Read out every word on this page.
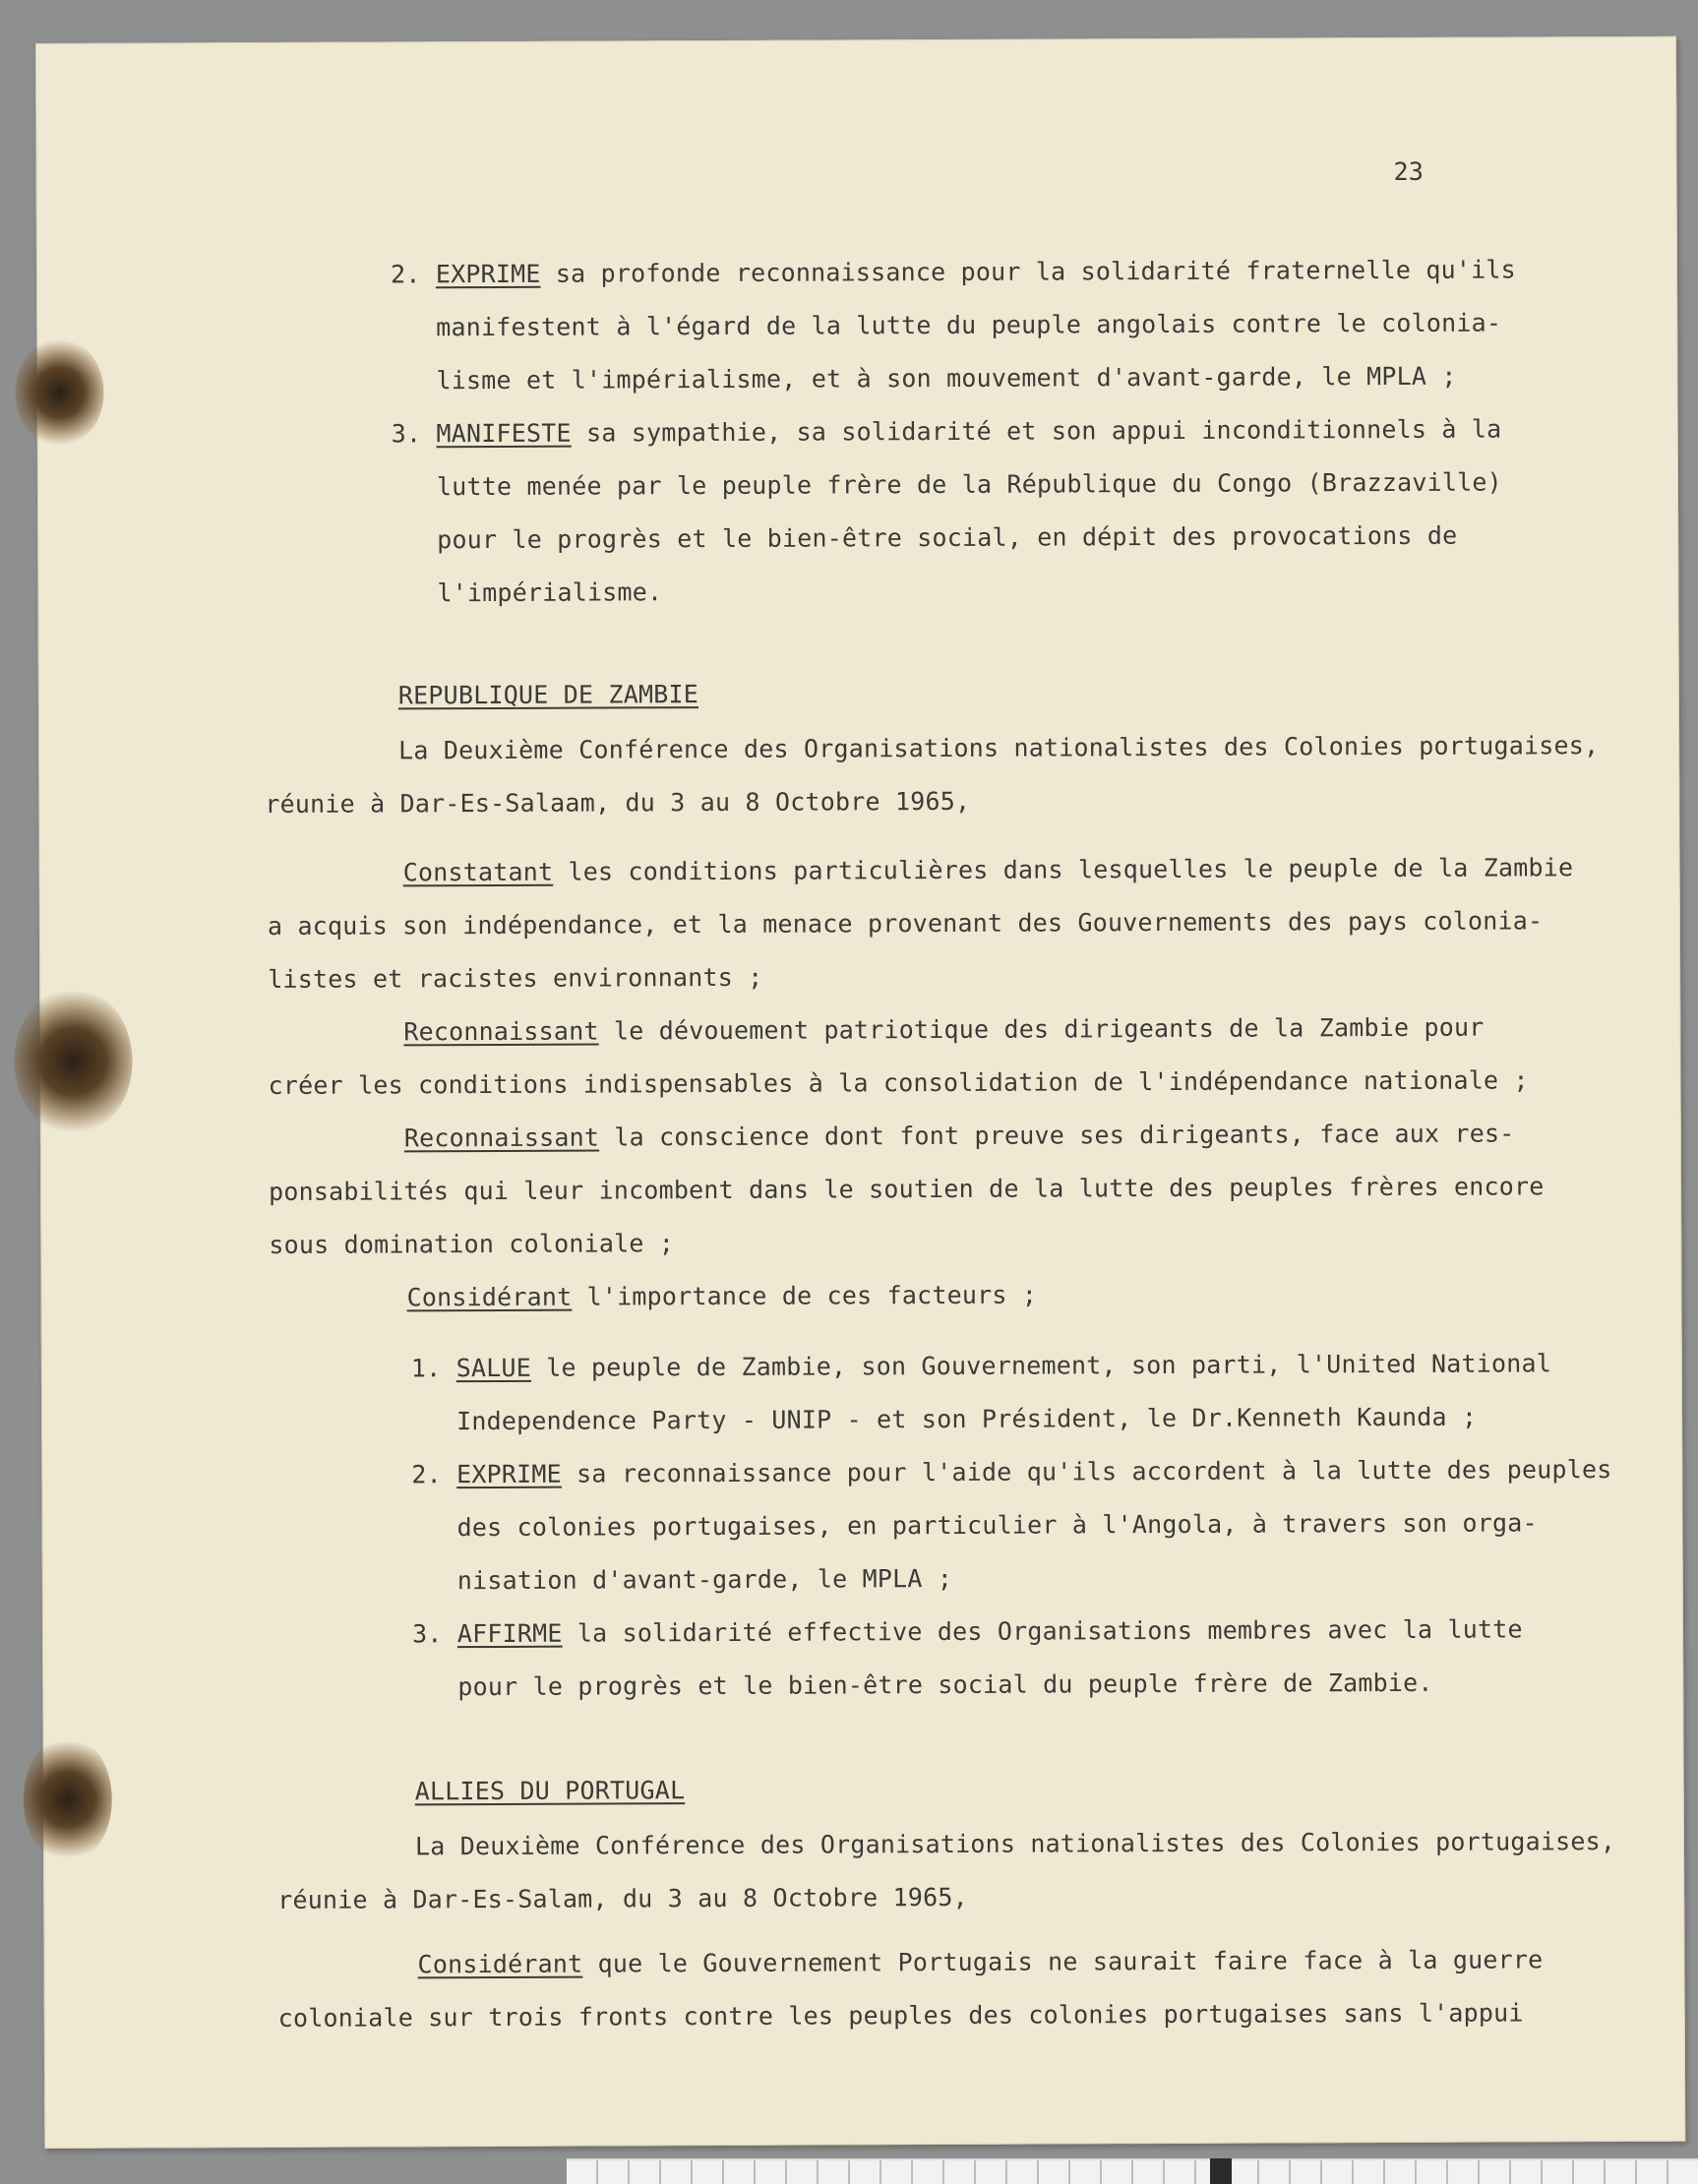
23
2. EXPRIME sa profonde reconnaissance pour la solidarité fraternelle qu'ils
manifestent à l'égard de la lutte du peuple angolais contre le colonia-
lisme et l'impérialisme, et à son mouvement d'avant-garde, le MPLA ;
3. MANIFESTE sa sympathie, sa solidarité et son appui inconditionnels à la
lutte menée par le peuple frère de la République du Congo (Brazzaville)
pour le progrès et le bien-être social, en dépit des provocations de
l'impérialisme.
REPUBLIQUE DE ZAMBIE
La Deuxième Conférence des Organisations nationalistes des Colonies portugaises,
réunie à Dar-Es-Salaam, du 3 au 8 Octobre 1965,
Constatant les conditions particulières dans lesquelles le peuple de la Zambie
a acquis son indépendance, et la menace provenant des Gouvernements des pays colonia-
listes et racistes environnants ;
Reconnaissant le dévouement patriotique des dirigeants de la Zambie pour
créer les conditions indispensables à la consolidation de l'indépendance nationale ;
Reconnaissant la conscience dont font preuve ses dirigeants, face aux res-
ponsabilités qui leur incombent dans le soutien de la lutte des peuples frères encore
sous domination coloniale ;
Considérant l'importance de ces facteurs ;
1. SALUE le peuple de Zambie, son Gouvernement, son parti, l'United National
Independence Party - UNIP - et son Président, le Dr.Kenneth Kaunda ;
2. EXPRIME sa reconnaissance pour l'aide qu'ils accordent à la lutte des peuples
des colonies portugaises, en particulier à l'Angola, à travers son orga-
nisation d'avant-garde, le MPLA ;
3. AFFIRME la solidarité effective des Organisations membres avec la lutte
pour le progrès et le bien-être social du peuple frère de Zambie.
ALLIES DU PORTUGAL
La Deuxième Conférence des Organisations nationalistes des Colonies portugaises,
réunie à Dar-Es-Salam, du 3 au 8 Octobre 1965,
Considérant que le Gouvernement Portugais ne saurait faire face à la guerre
coloniale sur trois fronts contre les peuples des colonies portugaises sans l'appui
